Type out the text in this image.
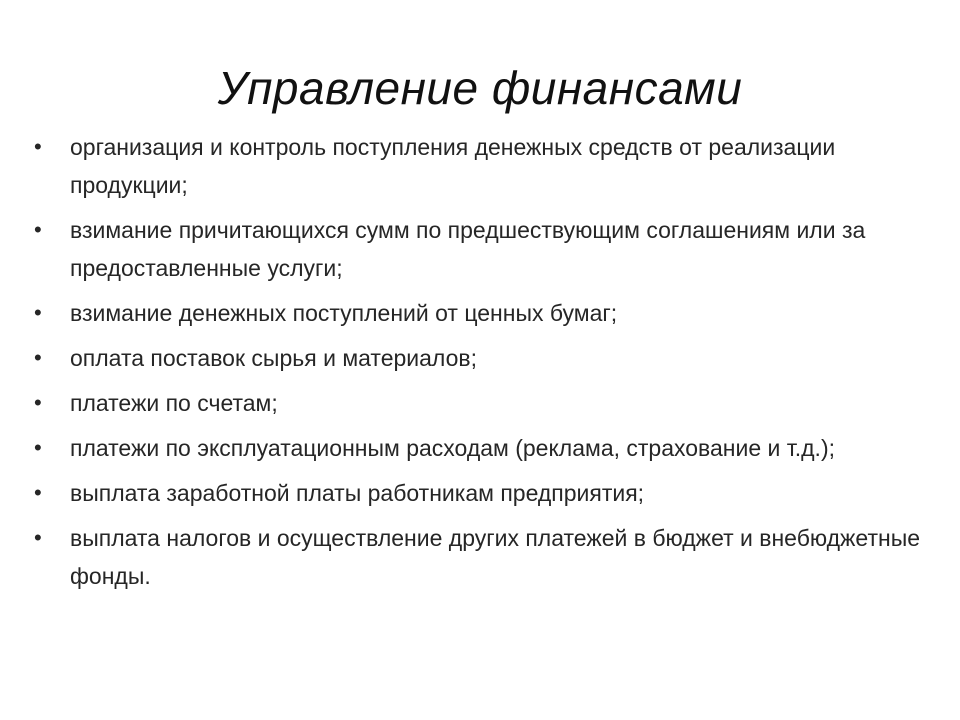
Управление финансами
•	организация и контроль поступления денежных средств от реализации продукции;
•	взимание причитающихся сумм по предшествующим соглашениям или за предоставленные услуги;
•	взимание денежных поступлений от ценных бумаг;
•	оплата поставок сырья и материалов;
•	платежи по счетам;
•	платежи по эксплуатационным расходам (реклама, страхование и т.д.);
•	выплата заработной платы работникам предприятия;
•	выплата налогов и осуществление других платежей в бюджет и внебюджетные фонды.
